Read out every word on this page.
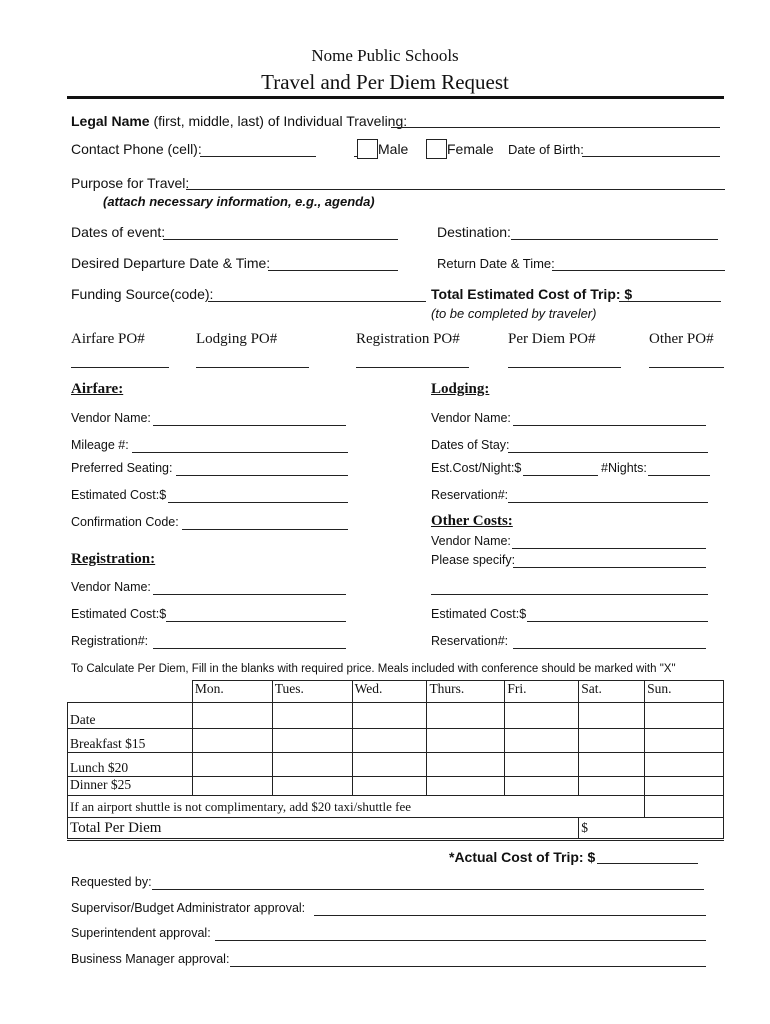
Nome Public Schools
Travel and Per Diem Request
Legal Name (first, middle, last) of Individual Traveling:
Contact Phone (cell):	Male	Female Date of Birth:
Purpose for Travel:
(attach necessary information, e.g., agenda)
Dates of event:	Destination:
Desired Departure Date & Time:	Return Date & Time:
Funding Source(code):	Total Estimated Cost of Trip: $
(to be completed by traveler)
Airfare PO#	Lodging PO#	Registration PO#	Per Diem PO#	Other PO#
Airfare:
Vendor Name:
Mileage #:
Preferred Seating:
Estimated Cost:$
Confirmation Code:
Lodging:
Vendor Name:
Dates of Stay:
Est.Cost/Night:$	#Nights:
Reservation#:
Other Costs:
Vendor Name:
Please specify:
Estimated Cost:$
Reservation#:
Registration:
Vendor Name:
Estimated Cost:$
Registration#:
To Calculate Per Diem, Fill in the blanks with required price. Meals included with conference should be marked with "X"
	Mon.	Tues.	Wed.	Thurs.	Fri.	Sat.	Sun.
Date							
Breakfast $15							
Lunch $20							
Dinner $25							
If an airport shuttle is not complimentary, add $20 taxi/shuttle fee							
Total Per Diem						$	
*Actual Cost of Trip: $
Requested by:
Supervisor/Budget Administrator approval:
Superintendent approval:
Business Manager approval:
